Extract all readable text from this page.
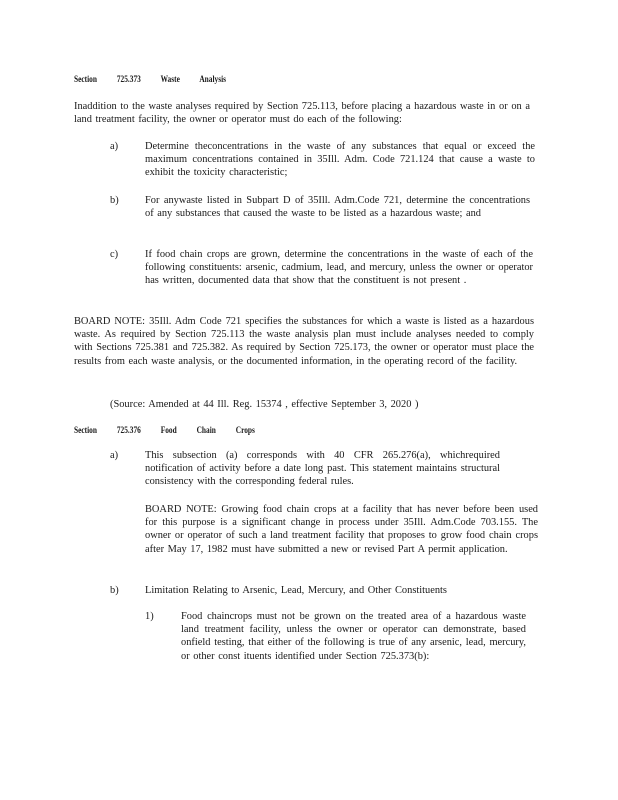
Section 725.373 Waste Analysis
Inaddition to the waste analyses required by Section 725.113, before placing a hazardous waste in or on a land treatment facility, the owner or operator must do each of the following:
a)	Determine theconcentrations in the waste of any substances that equal or exceed the maximum concentrations contained in 35Ill. Adm. Code 721.124 that cause a waste to exhibit the toxicity characteristic;
b)	For anywaste listed in Subpart D of 35Ill. Adm.Code 721, determine the concentrations of any substances that caused the waste to be listed as a hazardous waste; and
c)	If food chain crops are grown, determine the concentrations in the waste of each of the following constituents: arsenic, cadmium, lead, and mercury, unless the owner or operator has written, documented data that show that the constituent is not present .
BOARD NOTE: 35Ill. Adm Code 721 specifies the substances for which a waste is listed as a hazardous waste. As required by Section 725.113 the waste analysis plan must include analyses needed to comply with Sections 725.381 and 725.382. As required by Section 725.173, the owner or operator must place the results from each waste analysis, or the documented information, in the operating record of the facility.
(Source: Amended at 44 Ill. Reg. 15374 , effective September 3, 2020 )
Section 725.376 Food Chain Crops
a)	This subsection (a) corresponds with 40 CFR 265.276(a), whichrequired notification of activity before a date long past. This statement maintains structural consistency with the corresponding federal rules.
BOARD NOTE: Growing food chain crops at a facility that has never before been used for this purpose is a significant change in process under 35Ill. Adm.Code 703.155. The owner or operator of such a land treatment facility that proposes to grow food chain crops after May 17, 1982 must have submitted a new or revised Part A permit application.
b)	Limitation Relating to Arsenic, Lead, Mercury, and Other Constituents
1)	Food chaincrops must not be grown on the treated area of a hazardous waste land treatment facility, unless the owner or operator can demonstrate, based onfield testing, that either of the following is true of any arsenic, lead, mercury, or other const ituents identified under Section 725.373(b):
